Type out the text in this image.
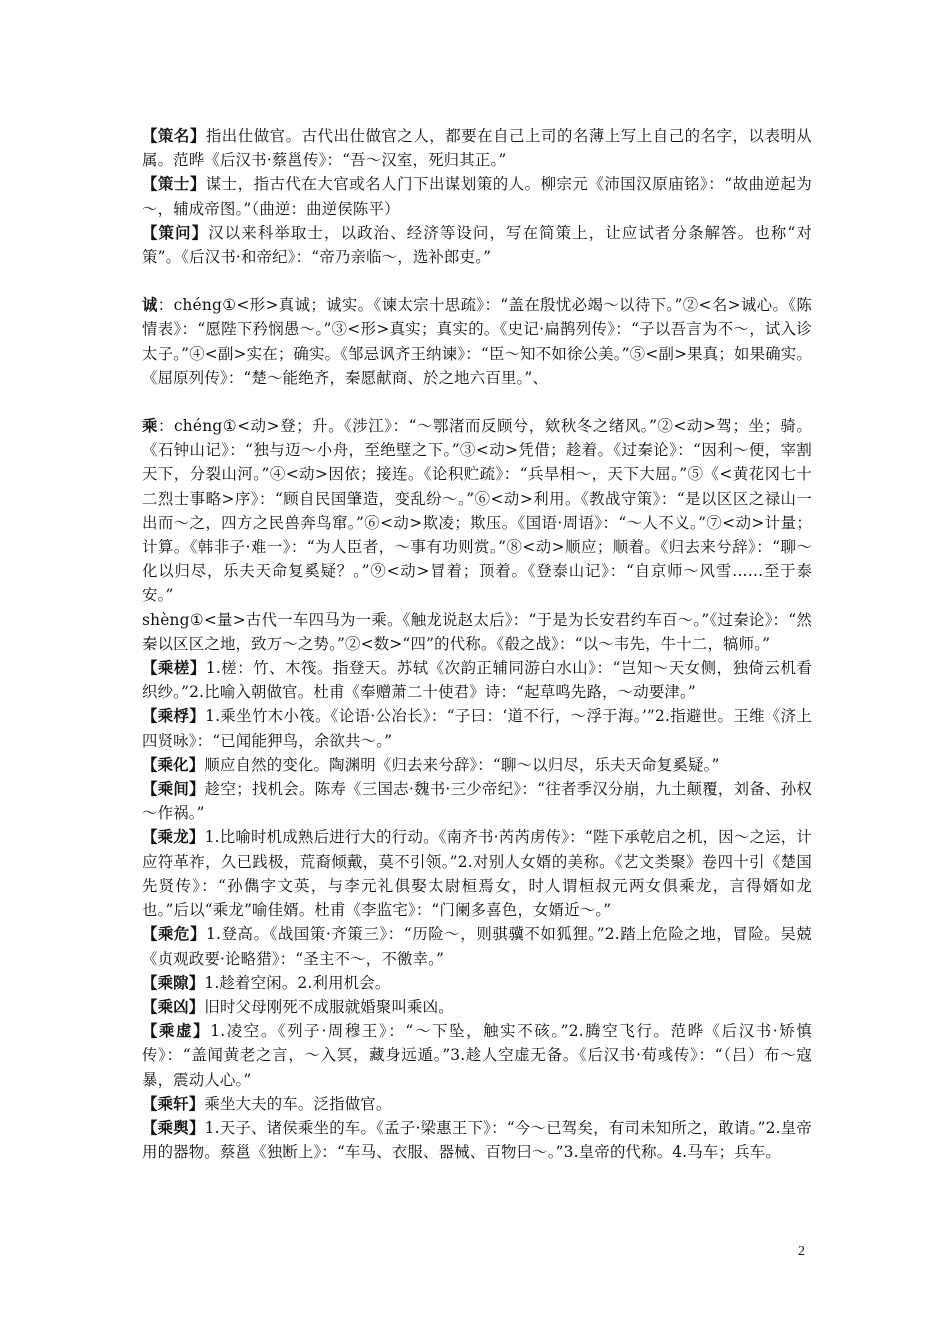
【策名】指出仕做官。古代出仕做官之人，都要在自己上司的名薄上写上自己的名字，以表明从属。范晔《后汉书·蔡邕传》：“吾～汉室，死归其正。”

【策士】谋士，指古代在大官或名人门下出谋划策的人。柳宗元《沛国汉原庙铭》：“故曲逆起为～，辅成帝图。”（曲逆：曲逆侯陈平）

【策问】汉以来科举取士，以政治、经济等设问，写在简策上，让应试者分条解答。也称“对策”。《后汉书·和帝纪》：“帝乃亲临～，选补郎吏。”

诚：chéng①<形>真诚；诚实。《谏太宗十思疏》：“盖在殷忧必竭～以待下。”②<名>诚心。《陈情表》：“愿陛下矜悯愚～。”③<形>真实；真实的。《史记·扁鹊列传》：“子以吾言为不～，试入诊太子。”④<副>实在；确实。《邹忌讽齐王纳谏》：“臣～知不如徐公美。”⑤<副>果真；如果确实。《屈原列传》：“楚～能绝齐，秦愿献商、於之地六百里。”、

乘：chéng①<动>登；升。《涉江》：“～鄂渚而反顾兮，欸秋冬之绪风。”②<动>驾；坐；骑。《石钟山记》：“独与迈～小舟，至绝壁之下。”③<动>凭借；趁着。《过秦论》：“因利～便，宰割天下，分裂山河。”④<动>因依；接连。《论积贮疏》：“兵旱相～，天下大屈。”⑤《<黄花冈七十二烈士事略>序》：“顾自民国肇造，变乱纷～。”⑥<动>利用。《教战守策》：“是以区区之禄山一出而～之，四方之民兽奔鸟窜。”⑥<动>欺凌；欺压。《国语·周语》：“～人不义。”⑦<动>计量；计算。《韩非子·难一》：“为人臣者，～事有功则赏。”⑧<动>顺应；顺着。《归去来兮辞》：“聊～化以归尽，乐夫天命复奚疑？。”⑨<动>冒着；顶着。《登泰山记》：“自京师～风雪……至于泰安。”

shèng①<量>古代一车四马为一乘。《触龙说赵太后》：“于是为长安君约车百～。”《过秦论》：“然秦以区区之地，致万～之势。”②<数>“四”的代称。《殽之战》：“以～韦先，牛十二，犒师。”

【乘槎】1.槎：竹、木筏。指登天。苏轼《次韵正辅同游白水山》：“岂知～天女侧，独倚云机看织纱。”2.比喻入朝做官。杜甫《奉赠萧二十使君》诗：“起草鸣先路，～动要津。”

【乘桴】1.乘坐竹木小筏。《论语·公冶长》：“子曰：‘道不行，～浮于海。’”2.指避世。王维《济上四贤咏》：“已闻能狎鸟，余欲共～。”

【乘化】顺应自然的变化。陶渊明《归去来兮辞》：“聊～以归尽，乐夫天命复奚疑。”

【乘间】趁空；找机会。陈寿《三国志·魏书·三少帝纪》：“往者季汉分崩，九土颠覆，刘备、孙权～作祸。”

【乘龙】1.比喻时机成熟后进行大的行动。《南齐书·芮芮虏传》：“陛下承乾启之机，因～之运，计应符革祚，久已践极，荒裔倾戴，莫不引领。”2.对别人女婿的美称。《艺文类聚》卷四十引《楚国先贤传》：“孙儁字文英，与李元礼俱娶太尉桓焉女，时人谓桓叔元两女俱乘龙，言得婿如龙也。”后以“乘龙”喻佳婿。杜甫《李监宅》：“门阑多喜色，女婿近～。”

【乘危】1.登高。《战国策·齐策三》：“历险～，则骐骥不如狐狸。”2.踏上危险之地，冒险。吴兢《贞观政要·论略猎》：“圣主不～，不徼幸。”

【乘隙】1.趁着空闲。2.利用机会。

【乘凶】旧时父母刚死不成服就婚聚叫乘凶。

【乘虚】1.凌空。《列子·周穆王》：“～下坠，触实不硋。”2.腾空飞行。范晔《后汉书·矫慎传》：“盖闻黄老之言，～入冥，藏身远遁。”3.趁人空虚无备。《后汉书·荀彧传》：“（吕）布～寇暴，震动人心。”

【乘轩】乘坐大夫的车。泛指做官。

【乘舆】1.天子、诸侯乘坐的车。《孟子·梁惠王下》：“今～已驾矣，有司未知所之，敢请。”2.皇帝用的器物。蔡邕《独断上》：“车马、衣服、器械、百物曰～。”3.皇帝的代称。4.马车；兵车。

2
